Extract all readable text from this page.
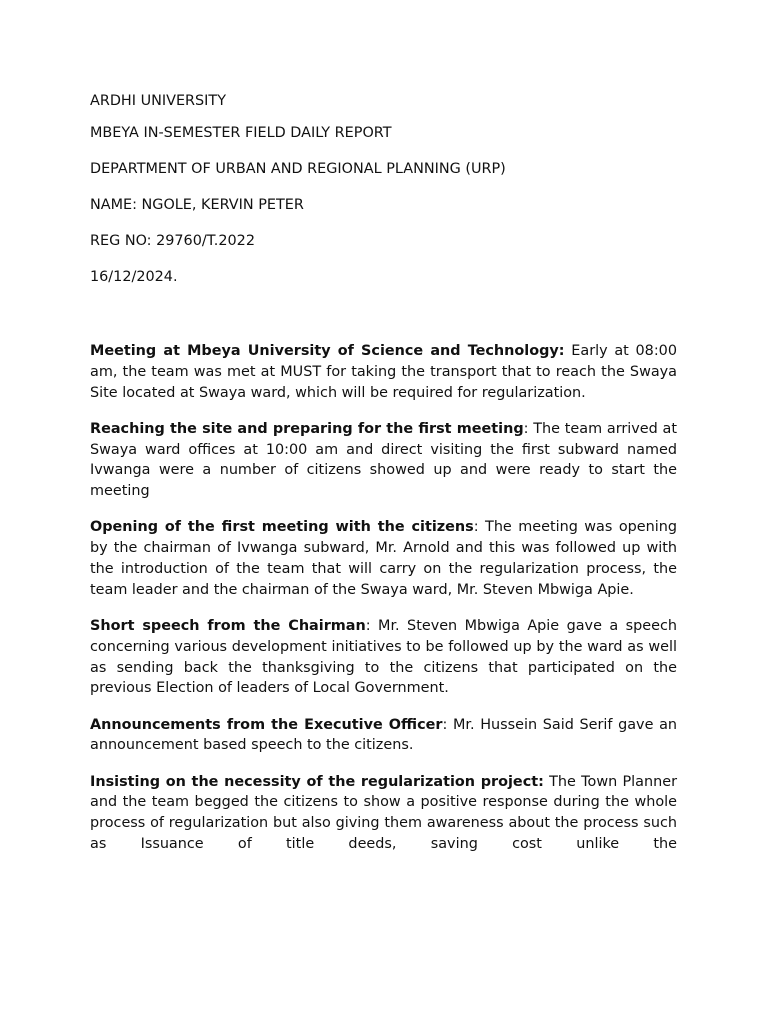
ARDHI UNIVERSITY

MBEYA IN-SEMESTER FIELD DAILY REPORT

DEPARTMENT OF URBAN AND REGIONAL PLANNING (URP)

NAME: NGOLE, KERVIN PETER

REG NO: 29760/T.2022

16/12/2024.

Meeting at Mbeya University of Science and Technology: Early at 08:00 am, the team was met at MUST for taking the transport that to reach the Swaya Site located at Swaya ward, which will be required for regularization.

Reaching the site and preparing for the first meeting: The team arrived at Swaya ward offices at 10:00 am and direct visiting the first subward named Ivwanga were a number of citizens showed up and were ready to start the meeting

Opening of the first meeting with the citizens: The meeting was opening by the chairman of Ivwanga subward, Mr. Arnold and this was followed up with the introduction of the team that will carry on the regularization process, the team leader and the chairman of the Swaya ward, Mr. Steven Mbwiga Apie.

Short speech from the Chairman: Mr. Steven Mbwiga Apie gave a speech concerning various development initiatives to be followed up by the ward as well as sending back the thanksgiving to the citizens that participated on the previous Election of leaders of Local Government.

Announcements from the Executive Officer: Mr. Hussein Said Serif gave an announcement based speech to the citizens.

Insisting on the necessity of the regularization project: The Town Planner and the team begged the citizens to show a positive response during the whole process of regularization but also giving them awareness about the process such as Issuance of title deeds, saving cost unlike the
